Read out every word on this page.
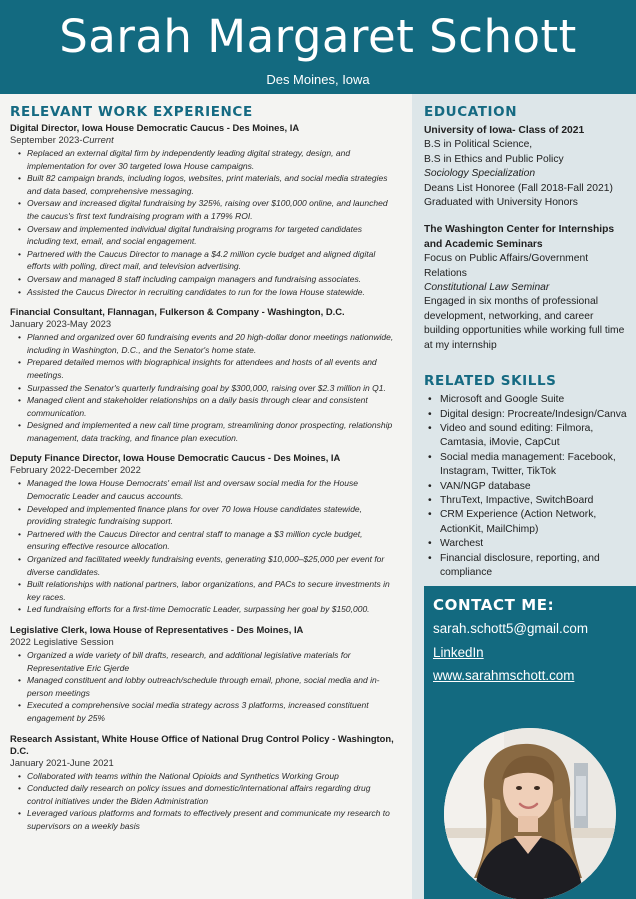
Sarah Margaret Schott
Des Moines, Iowa
RELEVANT WORK EXPERIENCE
Digital Director, Iowa House Democratic Caucus - Des Moines, IA
September 2023-Current
• Replaced an external digital firm by independently leading digital strategy, design, and implementation for over 30 targeted Iowa House campaigns.
• Built 82 campaign brands, including logos, websites, print materials, and social media strategies and data based, comprehensive messaging.
• Oversaw and increased digital fundraising by 325%, raising over $100,000 online, and launched the caucus's first text fundraising program with a 179% ROI.
• Oversaw and implemented individual digital fundraising programs for targeted candidates including text, email, and social engagement.
• Partnered with the Caucus Director to manage a $4.2 million cycle budget and aligned digital efforts with polling, direct mail, and television advertising.
• Oversaw and managed 8 staff including campaign managers and fundraising associates.
• Assisted the Caucus Director in recruiting candidates to run for the Iowa House statewide.
Financial Consultant, Flannagan, Fulkerson & Company - Washington, D.C.
January 2023-May 2023
• Planned and organized over 60 fundraising events and 20 high-dollar donor meetings nationwide, including in Washington, D.C., and the Senator's home state.
• Prepared detailed memos with biographical insights for attendees and hosts of all events and meetings.
• Surpassed the Senator's quarterly fundraising goal by $300,000, raising over $2.3 million in Q1.
• Managed client and stakeholder relationships on a daily basis through clear and consistent communication.
• Designed and implemented a new call time program, streamlining donor prospecting, relationship management, data tracking, and finance plan execution.
Deputy Finance Director, Iowa House Democratic Caucus - Des Moines, IA
February 2022-December 2022
• Managed the Iowa House Democrats' email list and oversaw social media for the House Democratic Leader and caucus accounts.
• Developed and implemented finance plans for over 70 Iowa House candidates statewide, providing strategic fundraising support.
• Partnered with the Caucus Director and central staff to manage a $3 million cycle budget, ensuring effective resource allocation.
• Organized and facilitated weekly fundraising events, generating $10,000–$25,000 per event for diverse candidates.
• Built relationships with national partners, labor organizations, and PACs to secure investments in key races.
• Led fundraising efforts for a first-time Democratic Leader, surpassing her goal by $150,000.
Legislative Clerk, Iowa House of Representatives - Des Moines, IA
2022 Legislative Session
• Organized a wide variety of bill drafts, research, and additional legislative materials for Representative Eric Gjerde
• Managed constituent and lobby outreach/schedule through email, phone, social media and in-person meetings
• Executed a comprehensive social media strategy across 3 platforms, increased constituent engagement by 25%
Research Assistant, White House Office of National Drug Control Policy - Washington, D.C.
January 2021-June 2021
• Collaborated with teams within the National Opioids and Synthetics Working Group
• Conducted daily research on policy issues and domestic/international affairs regarding drug control initiatives under the Biden Administration
• Leveraged various platforms and formats to effectively present and communicate my research to supervisors on a weekly basis
EDUCATION
University of Iowa- Class of 2021
B.S in Political Science,
B.S in Ethics and Public Policy
Sociology Specialization
Deans List Honoree (Fall 2018-Fall 2021)
Graduated with University Honors
The Washington Center for Internships and Academic Seminars
Focus on Public Affairs/Government Relations
Constitutional Law Seminar
Engaged in six months of professional development, networking, and career building opportunities while working full time at my internship
RELATED SKILLS
• Microsoft and Google Suite
• Digital design: Procreate/Indesign/Canva
• Video and sound editing: Filmora, Camtasia, iMovie, CapCut
• Social media management: Facebook, Instagram, Twitter, TikTok
• VAN/NGP database
• ThruText, Impactive, SwitchBoard
• CRM Experience (Action Network, ActionKit, MailChimp)
• Warchest
• Financial disclosure, reporting, and compliance
CONTACT ME:
sarah.schott5@gmail.com
LinkedIn
www.sarahmschott.com
